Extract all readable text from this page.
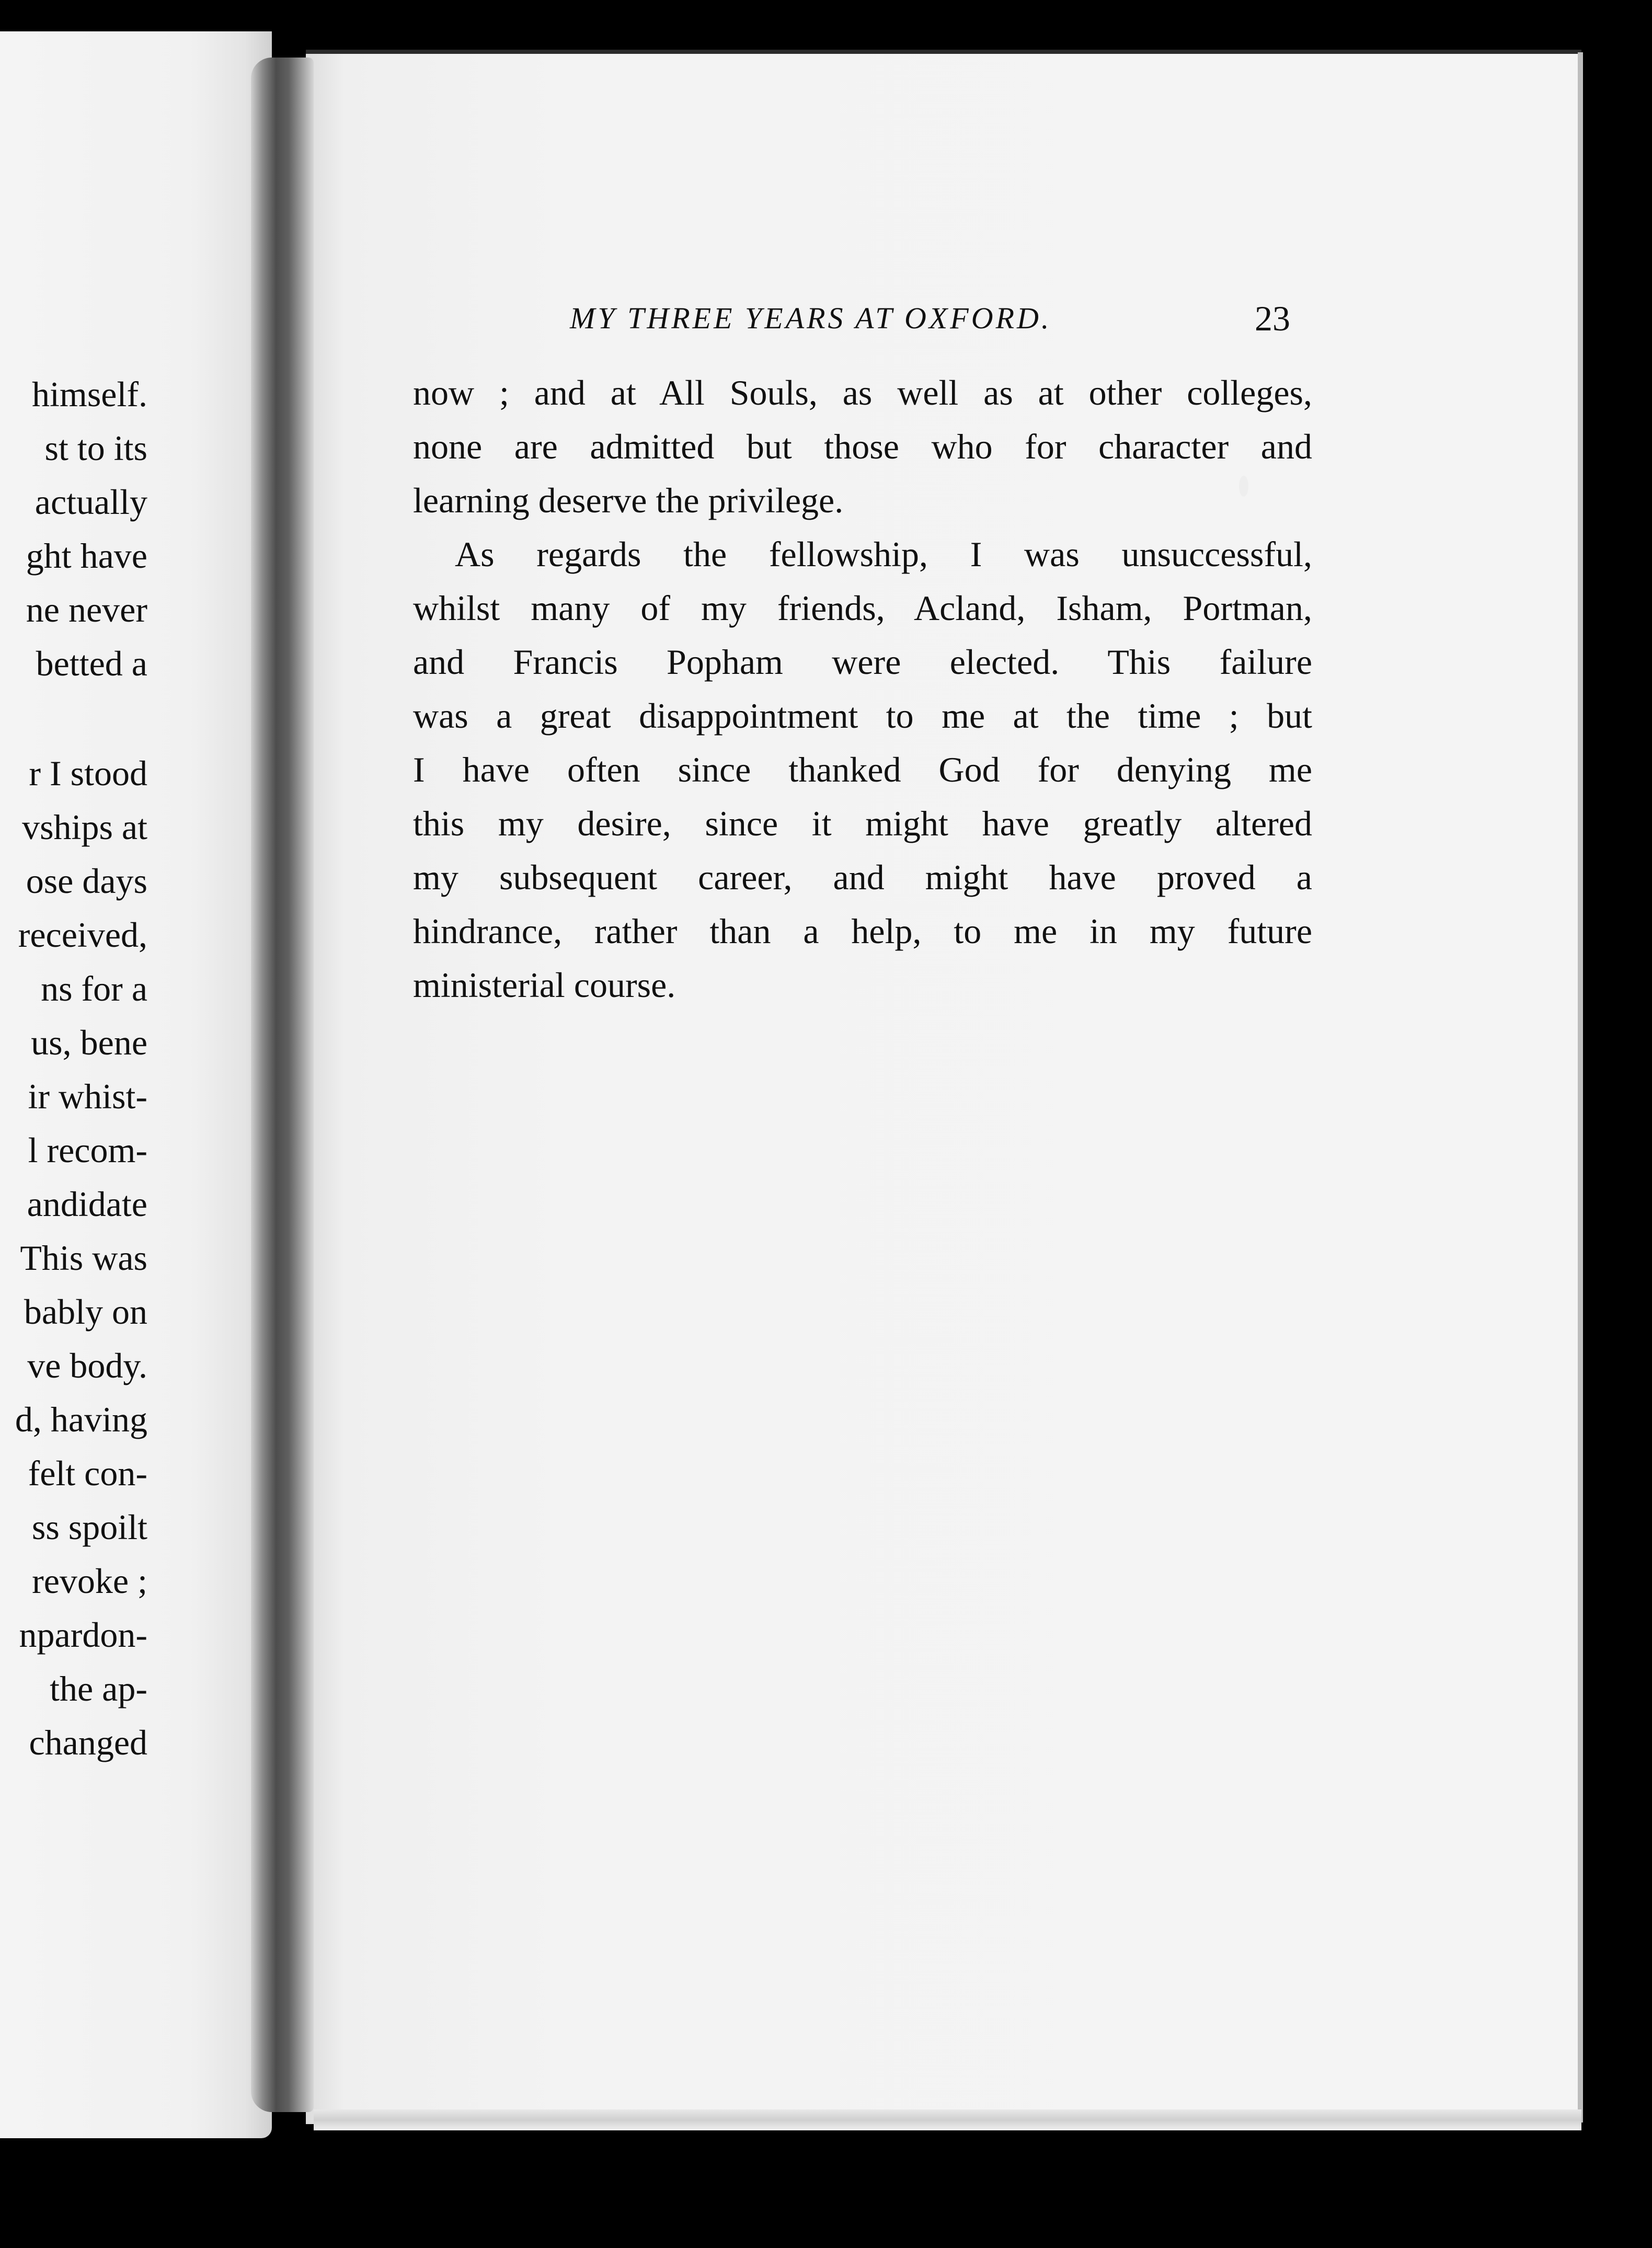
himself.
st to its
actually
ght have
ne never
betted a
r I stood
vships at
ose days
received,
ns for a
us, bene
ir whist-
l recom-
andidate
This was
bably on
ve body.
d, having
felt con-
ss spoilt
revoke ;
npardon-
the ap-
changed
MY THREE YEARS AT OXFORD.	23
now ; and at All Souls, as well as at other colleges,
none are admitted but those who for character and
learning deserve the privilege.
As regards the fellowship, I was unsuccessful,
whilst many of my friends, Acland, Isham, Portman,
and Francis Popham were elected. This failure
was a great disappointment to me at the time ; but
I have often since thanked God for denying me
this my desire, since it might have greatly altered
my subsequent career, and might have proved a
hindrance, rather than a help, to me in my future
ministerial course.
